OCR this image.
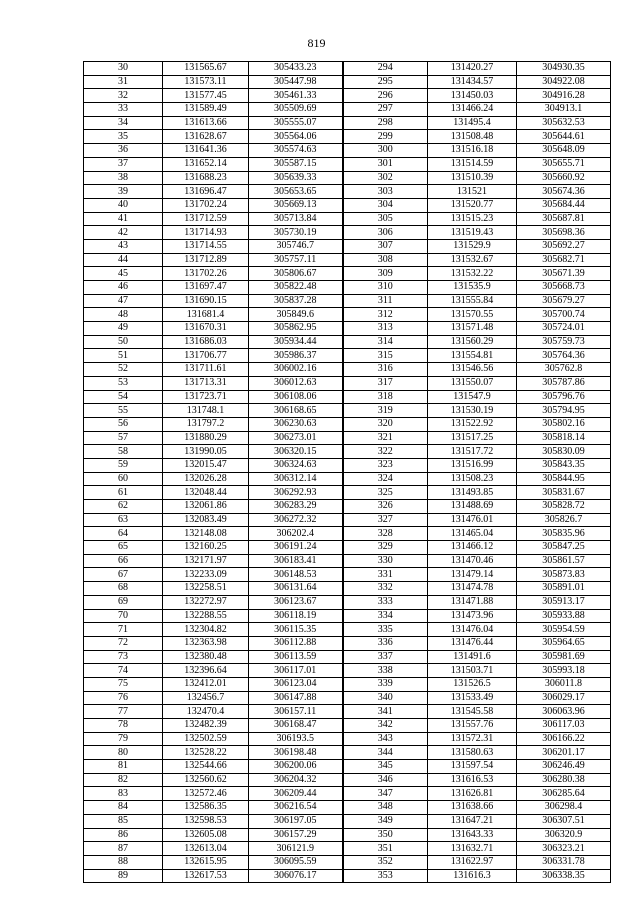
819
30	131565.67	305433.23	294	131420.27	304930.35
31	131573.11	305447.98	295	131434.57	304922.08
32	131577.45	305461.33	296	131450.03	304916.28
33	131589.49	305509.69	297	131466.24	304913.1
34	131613.66	305555.07	298	131495.4	305632.53
35	131628.67	305564.06	299	131508.48	305644.61
36	131641.36	305574.63	300	131516.18	305648.09
37	131652.14	305587.15	301	131514.59	305655.71
38	131688.23	305639.33	302	131510.39	305660.92
39	131696.47	305653.65	303	131521	305674.36
40	131702.24	305669.13	304	131520.77	305684.44
41	131712.59	305713.84	305	131515.23	305687.81
42	131714.93	305730.19	306	131519.43	305698.36
43	131714.55	305746.7	307	131529.9	305692.27
44	131712.89	305757.11	308	131532.67	305682.71
45	131702.26	305806.67	309	131532.22	305671.39
46	131697.47	305822.48	310	131535.9	305668.73
47	131690.15	305837.28	311	131555.84	305679.27
48	131681.4	305849.6	312	131570.55	305700.74
49	131670.31	305862.95	313	131571.48	305724.01
50	131686.03	305934.44	314	131560.29	305759.73
51	131706.77	305986.37	315	131554.81	305764.36
52	131711.61	306002.16	316	131546.56	305762.8
53	131713.31	306012.63	317	131550.07	305787.86
54	131723.71	306108.06	318	131547.9	305796.76
55	131748.1	306168.65	319	131530.19	305794.95
56	131797.2	306230.63	320	131522.92	305802.16
57	131880.29	306273.01	321	131517.25	305818.14
58	131990.05	306320.15	322	131517.72	305830.09
59	132015.47	306324.63	323	131516.99	305843.35
60	132026.28	306312.14	324	131508.23	305844.95
61	132048.44	306292.93	325	131493.85	305831.67
62	132061.86	306283.29	326	131488.69	305828.72
63	132083.49	306272.32	327	131476.01	305826.7
64	132148.08	306202.4	328	131465.04	305835.96
65	132160.25	306191.24	329	131466.12	305847.25
66	132171.97	306183.41	330	131470.46	305861.57
67	132233.09	306148.53	331	131479.14	305873.83
68	132258.51	306131.64	332	131474.78	305891.01
69	132272.97	306123.67	333	131471.88	305913.17
70	132288.55	306118.19	334	131473.96	305933.88
71	132304.82	306115.35	335	131476.04	305954.59
72	132363.98	306112.88	336	131476.44	305964.65
73	132380.48	306113.59	337	131491.6	305981.69
74	132396.64	306117.01	338	131503.71	305993.18
75	132412.01	306123.04	339	131526.5	306011.8
76	132456.7	306147.88	340	131533.49	306029.17
77	132470.4	306157.11	341	131545.58	306063.96
78	132482.39	306168.47	342	131557.76	306117.03
79	132502.59	306193.5	343	131572.31	306166.22
80	132528.22	306198.48	344	131580.63	306201.17
81	132544.66	306200.06	345	131597.54	306246.49
82	132560.62	306204.32	346	131616.53	306280.38
83	132572.46	306209.44	347	131626.81	306285.64
84	132586.35	306216.54	348	131638.66	306298.4
85	132598.53	306197.05	349	131647.21	306307.51
86	132605.08	306157.29	350	131643.33	306320.9
87	132613.04	306121.9	351	131632.71	306323.21
88	132615.95	306095.59	352	131622.97	306331.78
89	132617.53	306076.17	353	131616.3	306338.35
